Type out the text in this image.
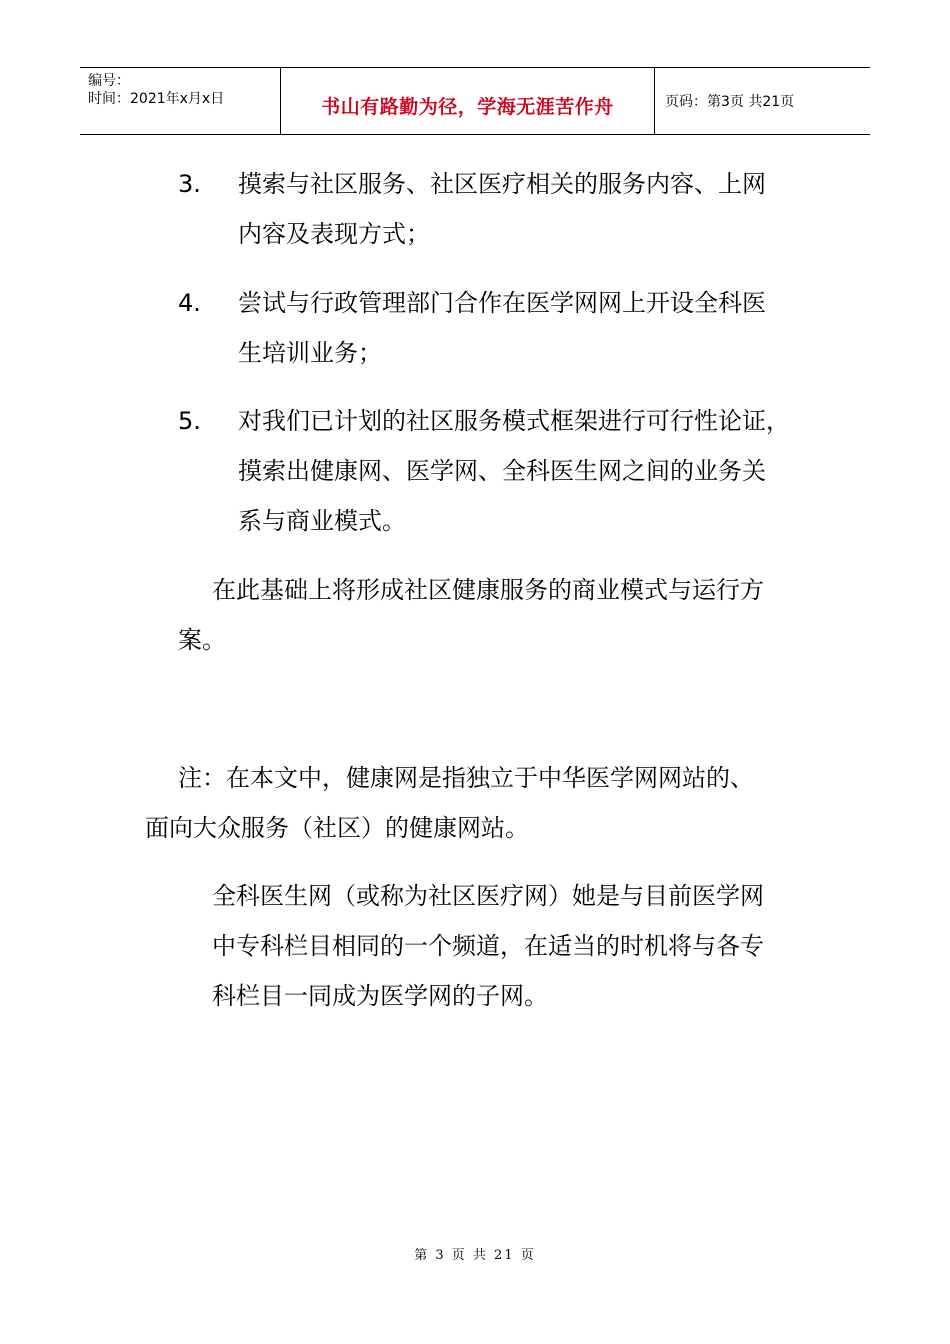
编号：
时间：2021年x月x日	书山有路勤为径，学海无涯苦作舟	页码：第3页 共21页
3.	摸索与社区服务、社区医疗相关的服务内容、上网
内容及表现方式；
4.	尝试与行政管理部门合作在医学网网上开设全科医
生培训业务；
5.	对我们已计划的社区服务模式框架进行可行性论证，
摸索出健康网、医学网、全科医生网之间的业务关
系与商业模式。
在此基础上将形成社区健康服务的商业模式与运行方
案。
注：在本文中，健康网是指独立于中华医学网网站的、
面向大众服务（社区）的健康网站。
全科医生网（或称为社区医疗网）她是与目前医学网
中专科栏目相同的一个频道，在适当的时机将与各专
科栏目一同成为医学网的子网。
第 3 页 共 21 页
